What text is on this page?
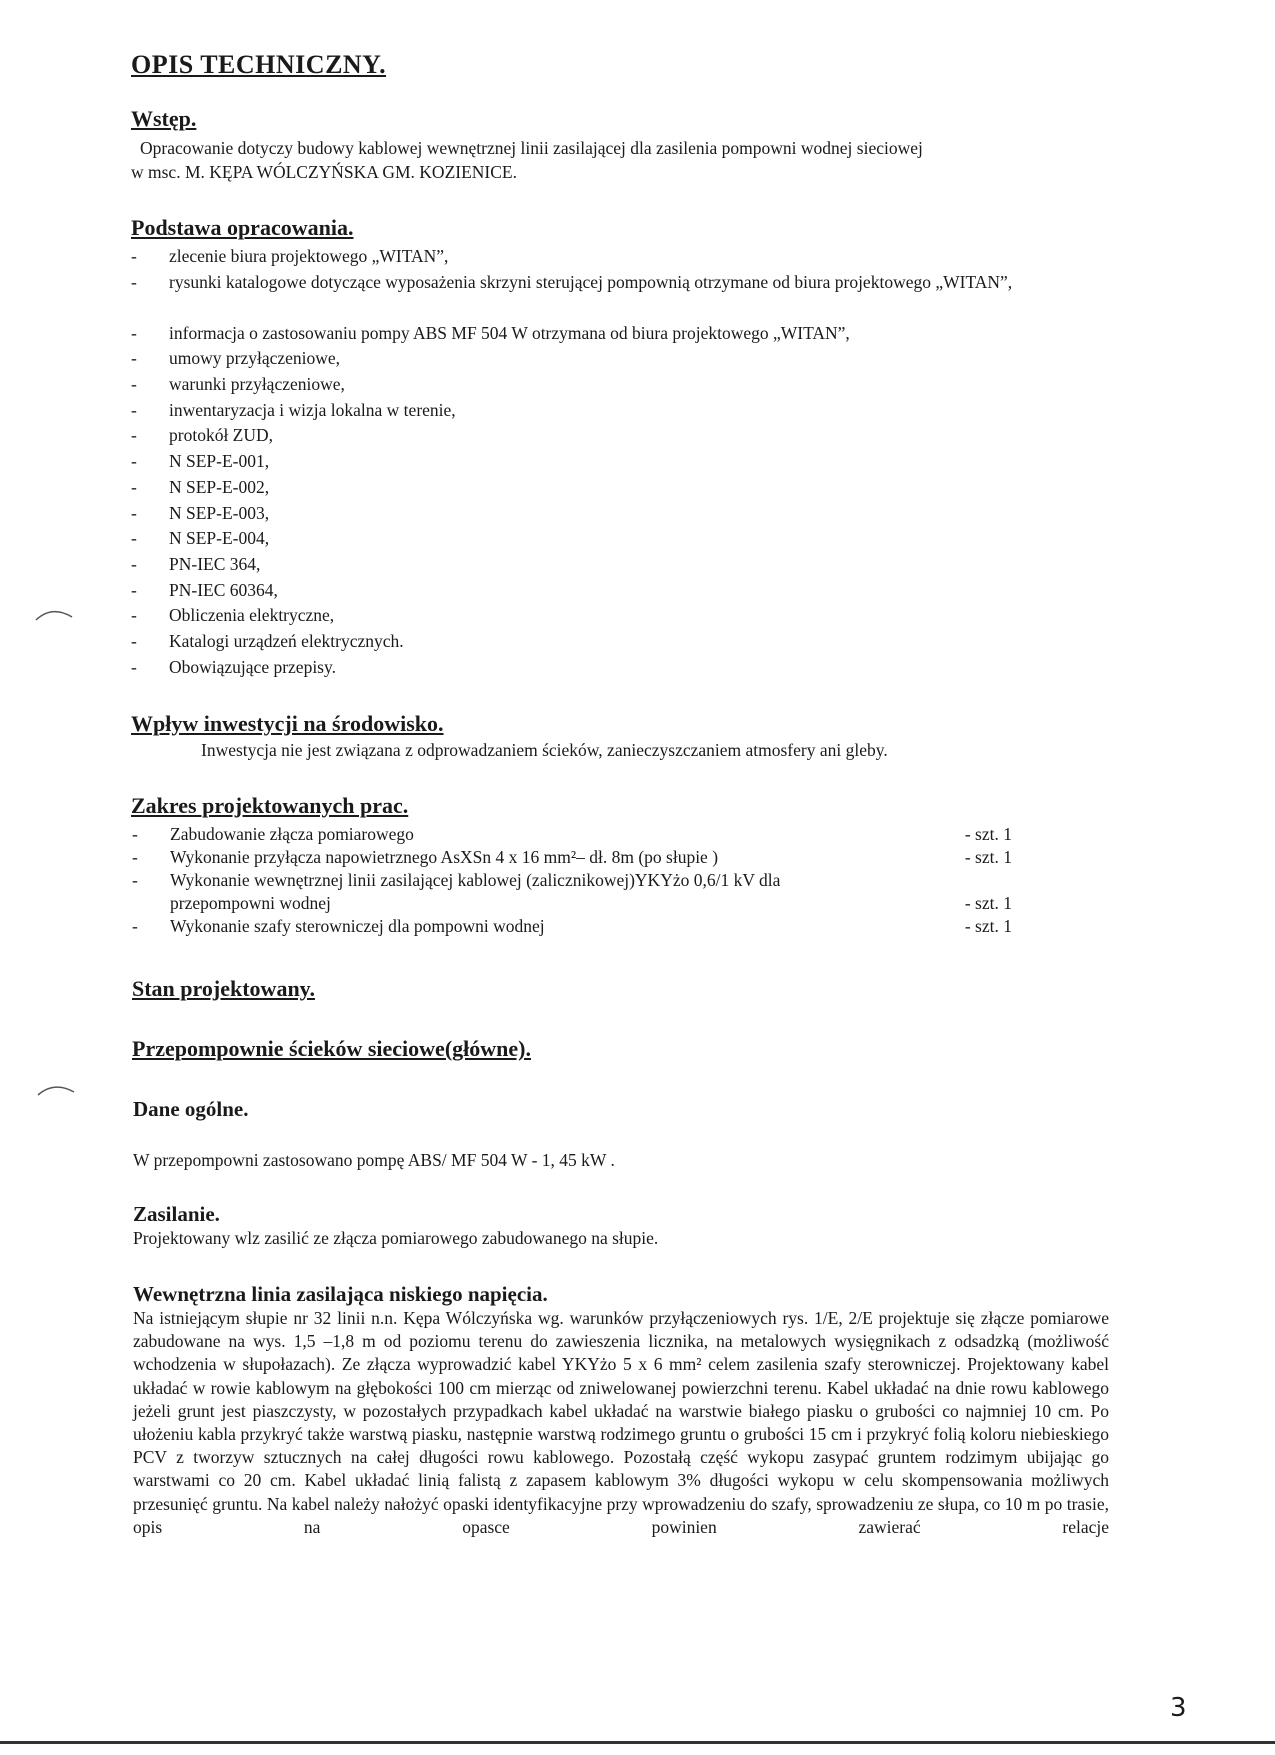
OPIS TECHNICZNY.
Wstęp.

Opracowanie dotyczy budowy kablowej wewnętrznej linii zasilającej dla zasilenia pompowni wodnej sieciowej

w msc. M. KĘPA WÓLCZYŃSKA GM. KOZIENICE.

Podstawa opracowania.
- zlecenie biura projektowego „WITAN”,
- rysunki katalogowe dotyczące wyposażenia skrzyni sterującej pompownią otrzymane od biura projektowego „WITAN”,
- informacja o zastosowaniu pompy ABS MF 504 W otrzymana od biura projektowego „WITAN”,
- umowy przyłączeniowe,
- warunki przyłączeniowe,
- inwentaryzacja i wizja lokalna w terenie,
- protokół ZUD,
- N SEP-E-001,
- N SEP-E-002,
- N SEP-E-003,
- N SEP-E-004,
- PN-IEC 364,
- PN-IEC 60364,
- Obliczenia elektryczne,
- Katalogi urządzeń elektrycznych.
- Obowiązujące przepisy.
Wpływ inwestycji na środowisko.

Inwestycja nie jest związana z odprowadzaniem ścieków, zanieczyszczaniem atmosfery ani gleby.

Zakres projektowanych prac.
- Zabudowanie złącza pomiarowego	- szt. 1
- Wykonanie przyłącza napowietrznego AsXSn 4 x 16 mm²– dł. 8m (po słupie )	- szt. 1
- Wykonanie wewnętrznej linii zasilającej kablowej (zalicznikowej)YKYżo 0,6/1 kV dla przepompowni wodnej	- szt. 1
- Wykonanie szafy sterowniczej dla pompowni wodnej	- szt. 1
Stan projektowany.
Przepompownie ścieków sieciowe(główne).
Dane ogólne.

W przepompowni zastosowano pompę ABS/ MF 504 W - 1, 45 kW .

Zasilanie.

Projektowany wlz zasilić ze złącza pomiarowego zabudowanego na słupie.

Wewnętrzna linia zasilająca niskiego napięcia.

Na istniejącym słupie nr 32 linii n.n. Kępa Wólczyńska wg. warunków przyłączeniowych rys. 1/E, 2/E projektuje się złącze pomiarowe zabudowane na wys. 1,5 –1,8 m od poziomu terenu do zawieszenia licznika, na metalowych wysięgnikach z odsadzką (możliwość wchodzenia w słupołazach). Ze złącza wyprowadzić kabel YKYżo 5 x 6 mm² celem zasilenia szafy sterowniczej. Projektowany kabel układać w rowie kablowym na głębokości 100 cm mierząc od zniwelowanej powierzchni terenu. Kabel układać na dnie rowu kablowego jeżeli grunt jest piaszczysty, w pozostałych przypadkach kabel układać na warstwie białego piasku o grubości co najmniej 10 cm. Po ułożeniu kabla przykryć także warstwą piasku, następnie warstwą rodzimego gruntu o grubości 15 cm i przykryć folią koloru niebieskiego PCV z tworzyw sztucznych na całej długości rowu kablowego. Pozostałą część wykopu zasypać gruntem rodzimym ubijając go warstwami co 20 cm. Kabel układać linią falistą z zapasem kablowym 3% długości wykopu w celu skompensowania możliwych przesunięć gruntu. Na kabel należy nałożyć opaski identyfikacyjne przy wprowadzeniu do szafy, sprowadzeniu ze słupa, co 10 m po trasie, opis na opasce powinien zawierać relacje

3
